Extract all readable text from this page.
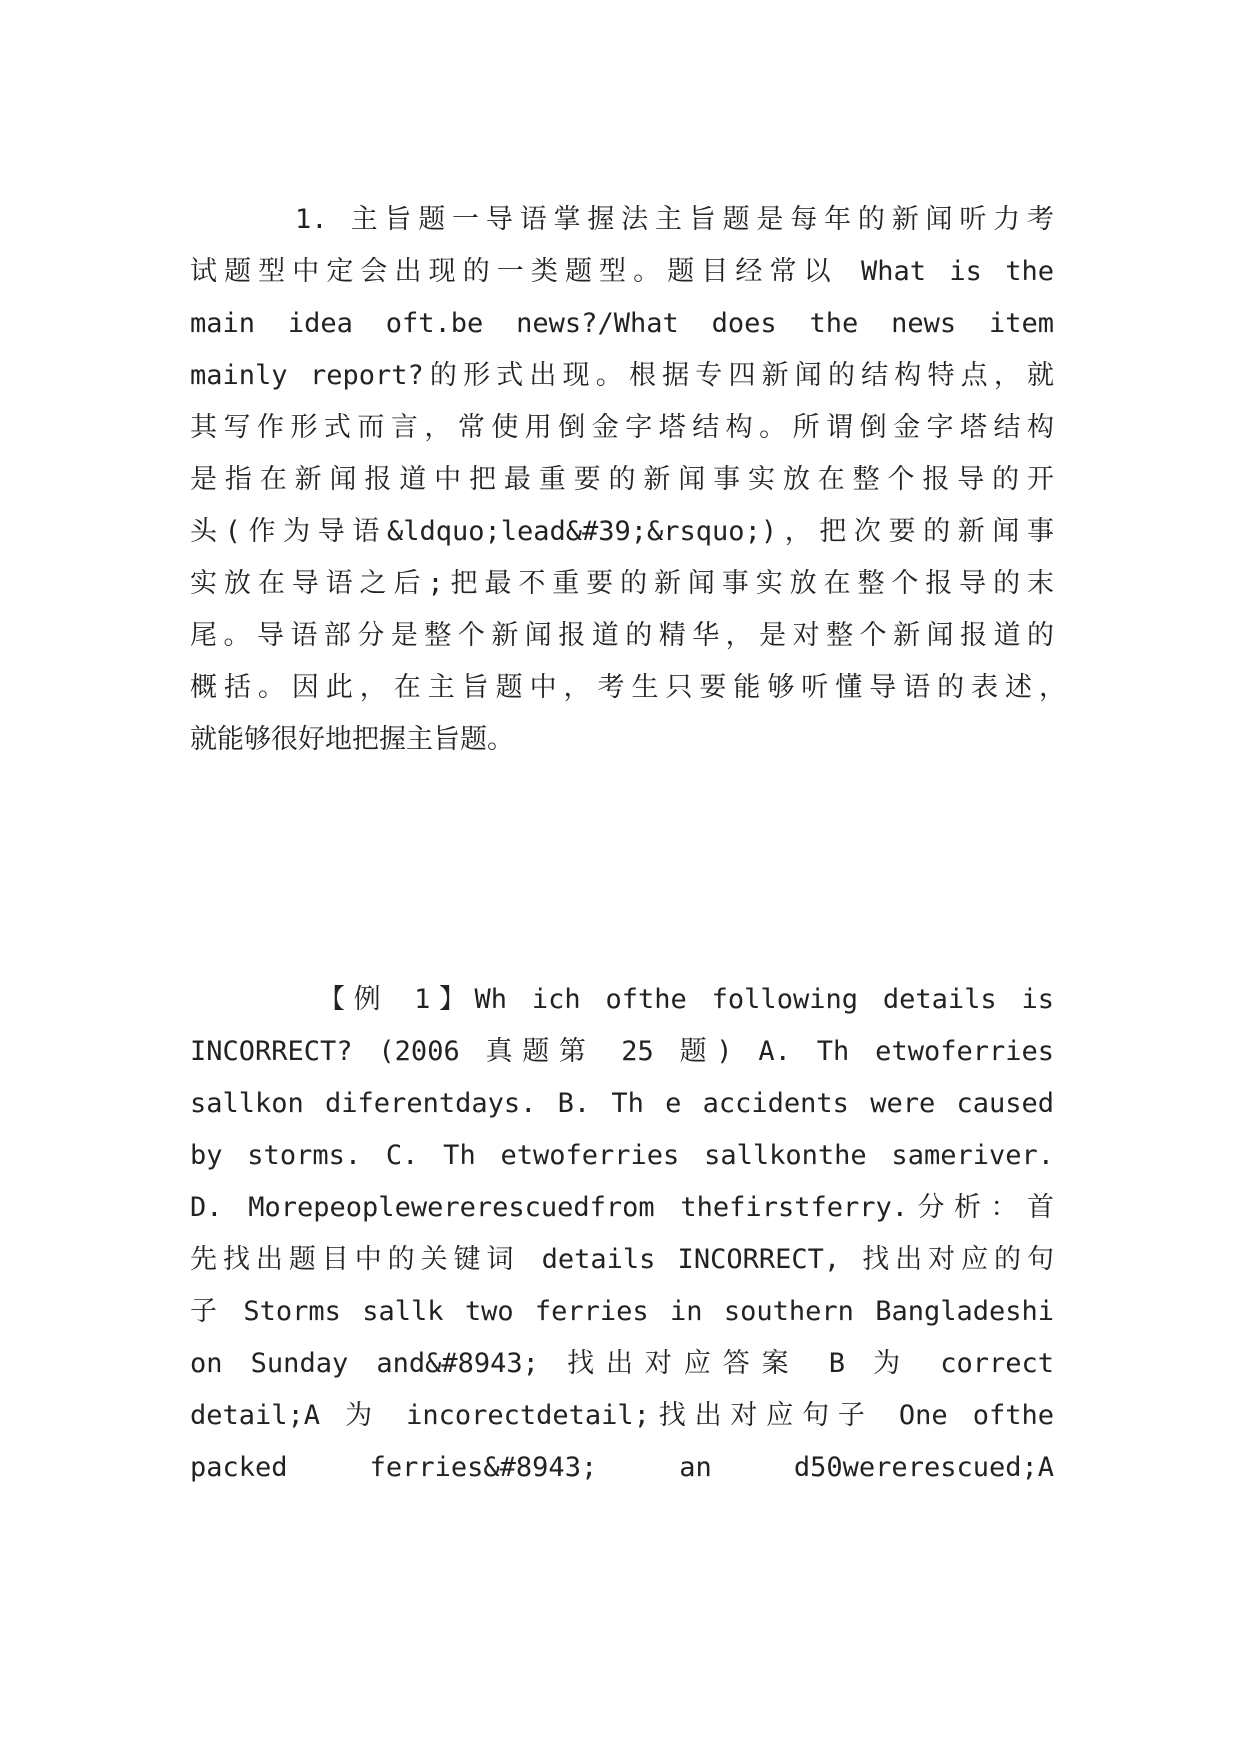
1. 主旨题一导语掌握法主旨题是每年的新闻听力考
试题型中定会出现的一类题型。题目经常以 What is the
main idea oft.be news?/What does the news item
mainly report?的形式出现。根据专四新闻的结构特点，就
其写作形式而言，常使用倒金字塔结构。所谓倒金字塔结构
是指在新闻报道中把最重要的新闻事实放在整个报导的开
头(作为导语&ldquo;lead&#39;&rsquo;)，把次要的新闻事
实放在导语之后;把最不重要的新闻事实放在整个报导的末
尾。导语部分是整个新闻报道的精华，是对整个新闻报道的
概括。因此，在主旨题中，考生只要能够听懂导语的表述，
就能够很好地把握主旨题。
【例 1】Wh ich ofthe following details is
INCORRECT? (2006 真题第 25 题) A. Th etwoferries
sallkon diferentdays. B. Th e accidents were caused
by storms. C. Th etwoferries sallkonthe sameriver.
D. Morepeoplewererescuedfrom thefirstferry.分析：首
先找出题目中的关键词 details INCORRECT, 找出对应的句
子 Storms sallk two ferries in southern Bangladeshi
on Sunday and&#8943; 找出对应答案 B 为 correct
detail;A 为 incorectdetail;找出对应句子 One ofthe
packed ferries&#8943; an d50wererescued;A
